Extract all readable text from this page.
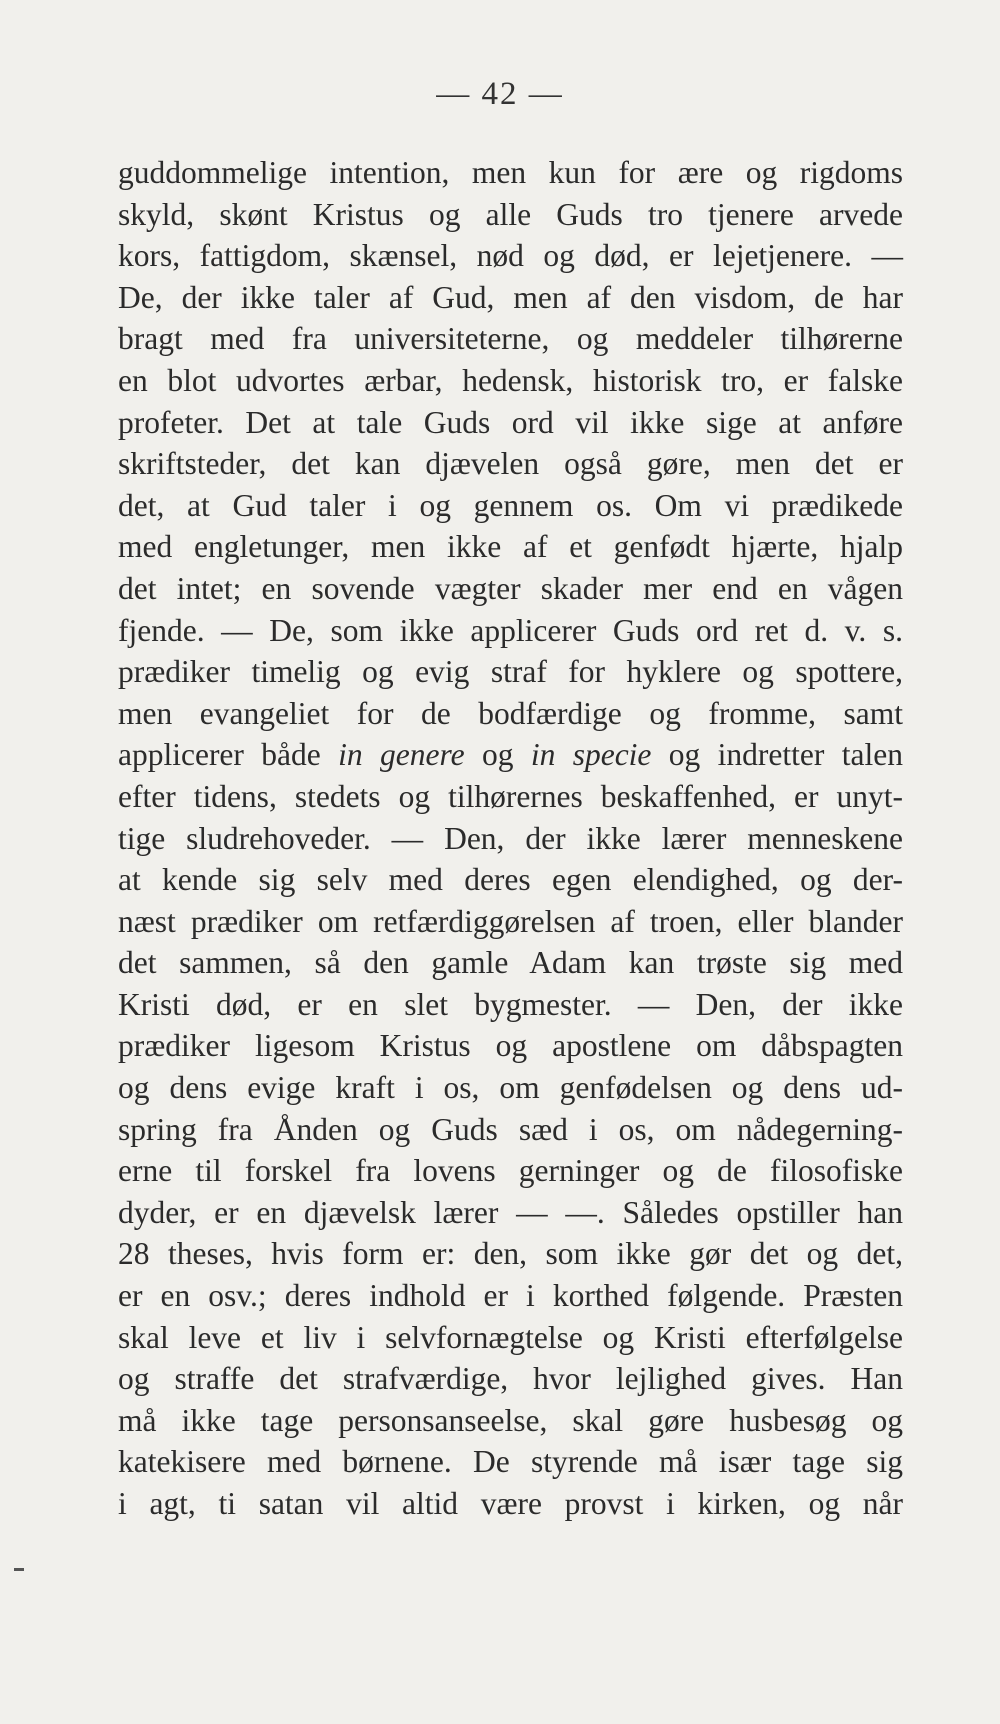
— 42 —
guddommelige intention, men kun for ære og rigdoms
skyld, skønt Kristus og alle Guds tro tjenere arvede
kors, fattigdom, skænsel, nød og død, er lejetjenere. —
De, der ikke taler af Gud, men af den visdom, de har
bragt med fra universiteterne, og meddeler tilhørerne
en blot udvortes ærbar, hedensk, historisk tro, er falske
profeter. Det at tale Guds ord vil ikke sige at anføre
skriftsteder, det kan djævelen også gøre, men det er
det, at Gud taler i og gennem os. Om vi prædikede
med engletunger, men ikke af et genfødt hjærte, hjalp
det intet; en sovende vægter skader mer end en vågen
fjende. — De, som ikke applicerer Guds ord ret d. v. s.
prædiker timelig og evig straf for hyklere og spottere,
men evangeliet for de bodfærdige og fromme, samt
applicerer både in genere og in specie og indretter talen
efter tidens, stedets og tilhørernes beskaffenhed, er unyt-
tige sludrehoveder. — Den, der ikke lærer menneskene
at kende sig selv med deres egen elendighed, og der-
næst prædiker om retfærdiggørelsen af troen, eller blander
det sammen, så den gamle Adam kan trøste sig med
Kristi død, er en slet bygmester. — Den, der ikke
prædiker ligesom Kristus og apostlene om dåbspagten
og dens evige kraft i os, om genfødelsen og dens ud-
spring fra Ånden og Guds sæd i os, om nådegerning-
erne til forskel fra lovens gerninger og de filosofiske
dyder, er en djævelsk lærer — —. Således opstiller han
28 theses, hvis form er: den, som ikke gør det og det,
er en osv.; deres indhold er i korthed følgende. Præsten
skal leve et liv i selvfornægtelse og Kristi efterfølgelse
og straffe det strafværdige, hvor lejlighed gives. Han
må ikke tage personsanseelse, skal gøre husbesøg og
katekisere med børnene. De styrende må især tage sig
i agt, ti satan vil altid være provst i kirken, og når
